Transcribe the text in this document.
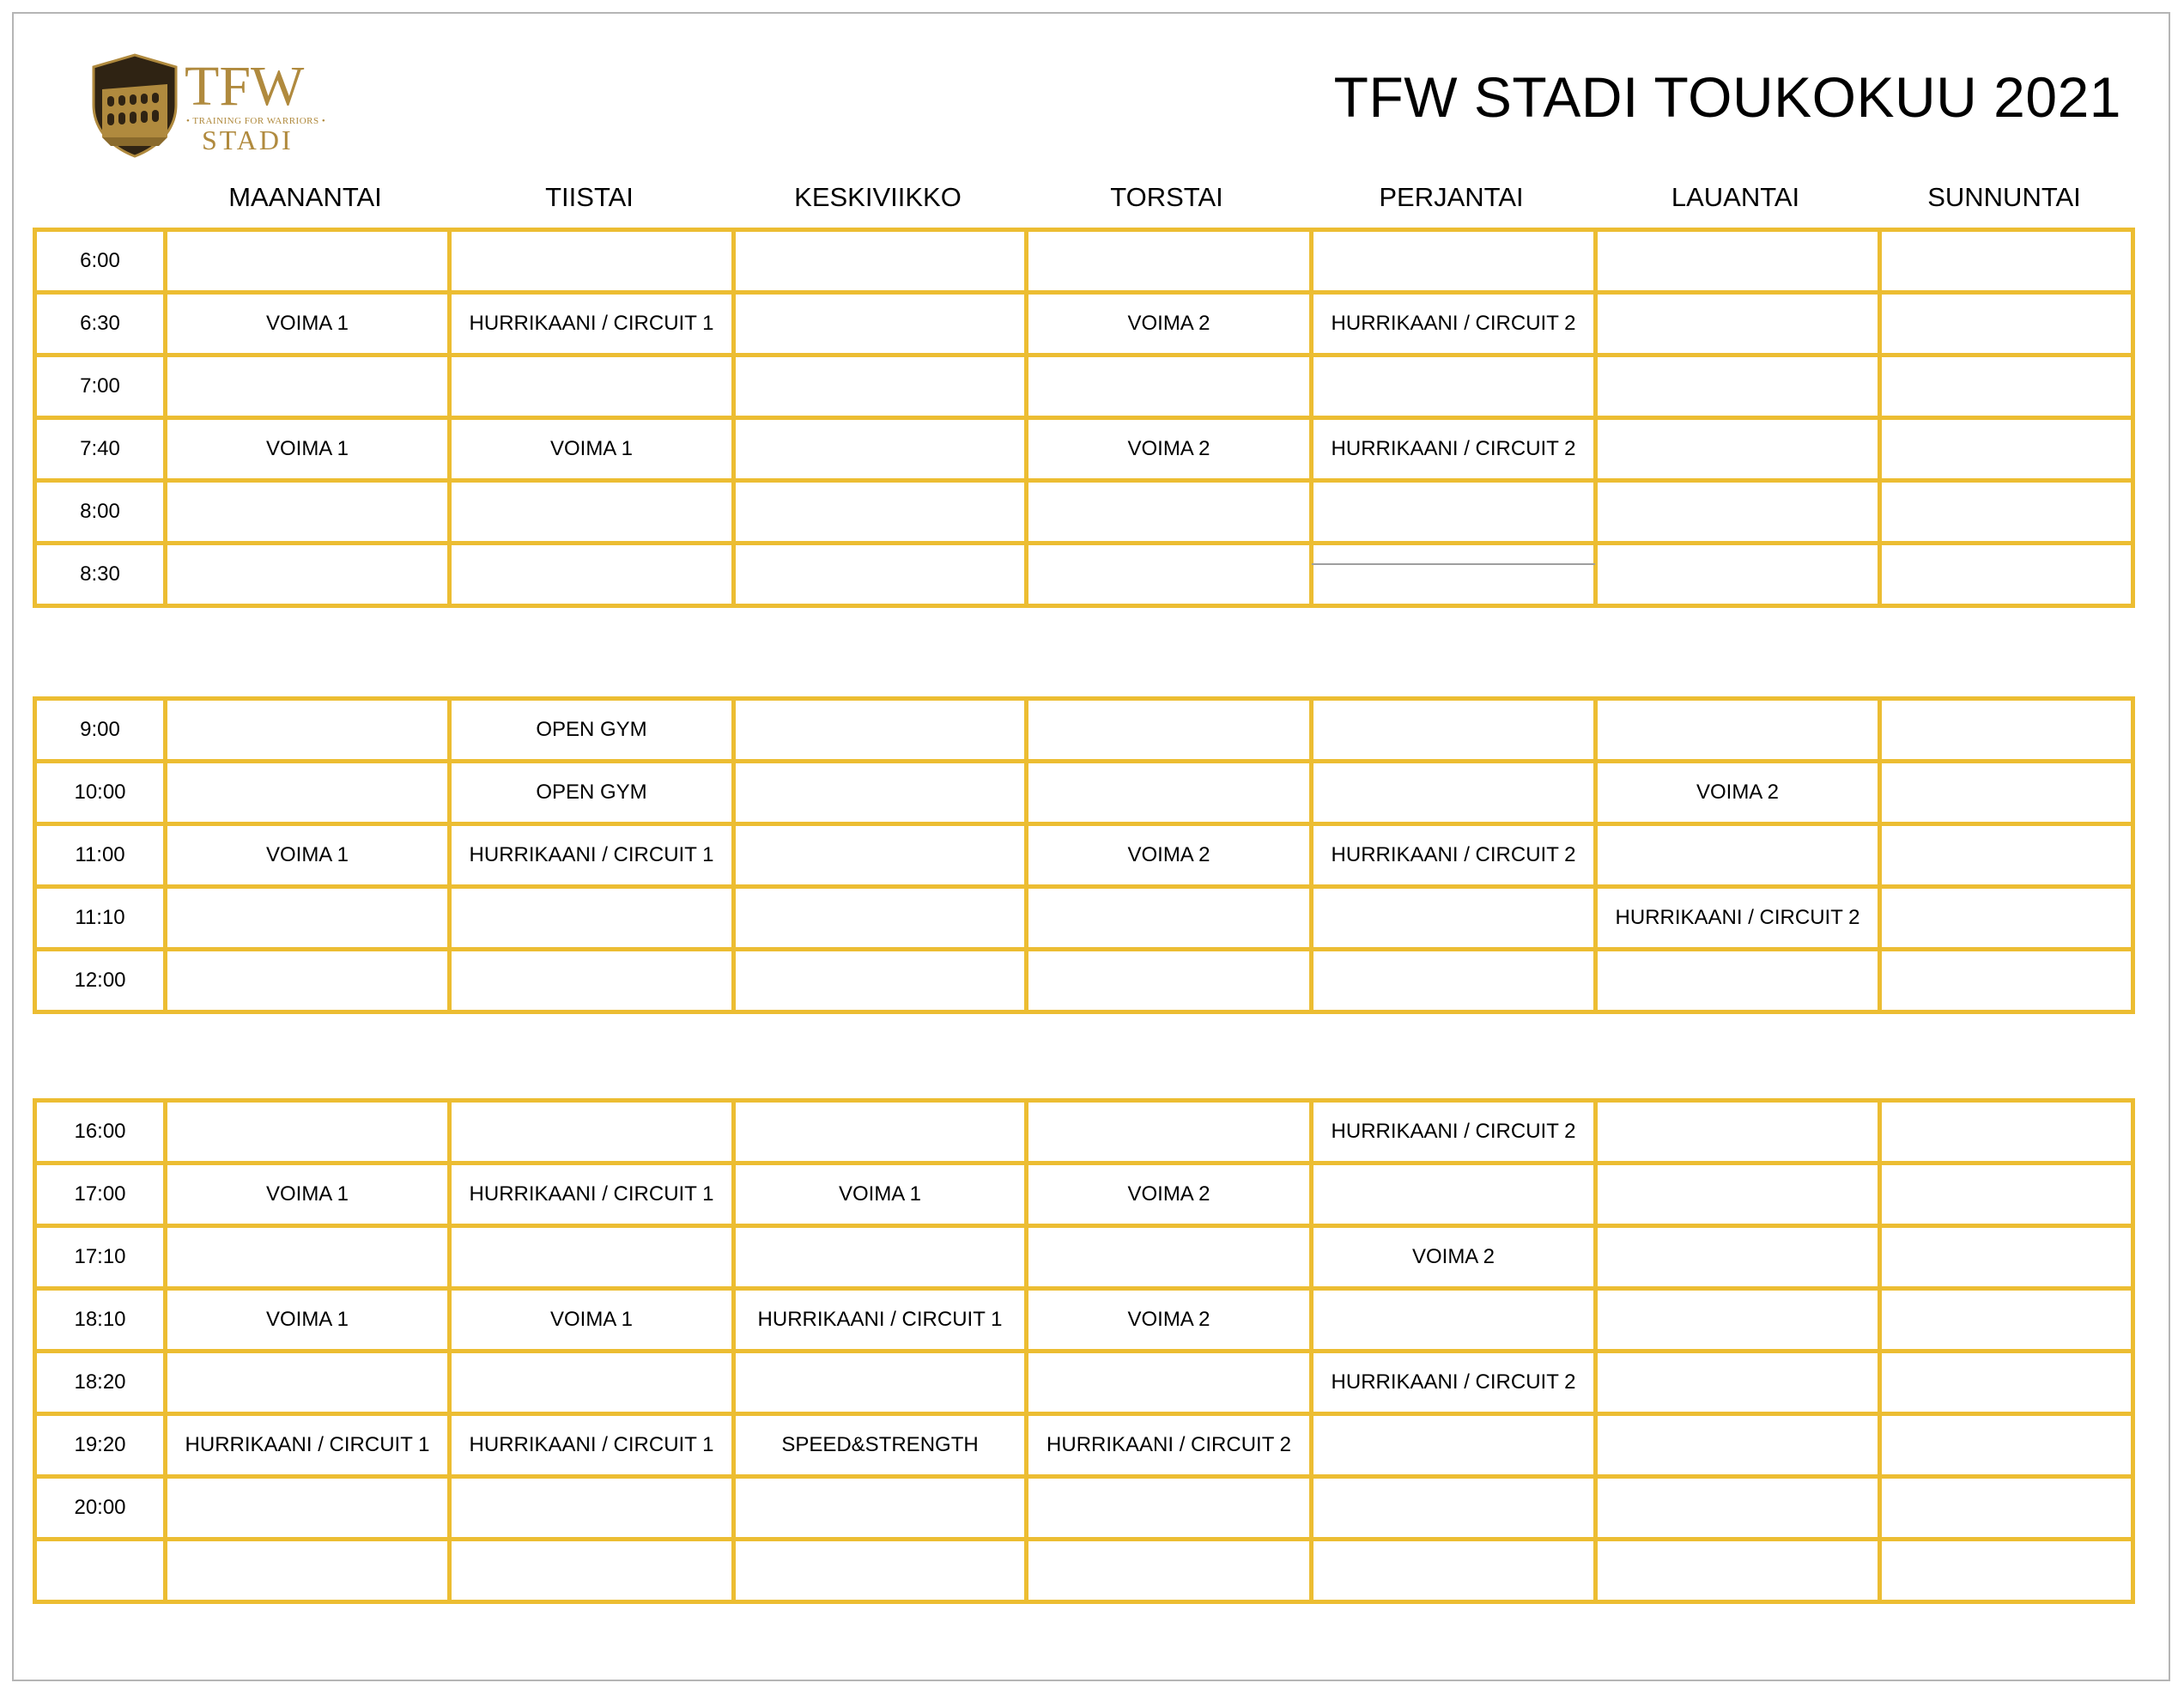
TFW
• TRAINING FOR WARRIORS •
STADI
TFW STADI TOUKOKUU 2021
MAANANTAI	TIISTAI	KESKIVIIKKO	TORSTAI	PERJANTAI	LAUANTAI	SUNNUNTAI
6:00							
6:30	VOIMA 1	HURRIKAANI / CIRCUIT 1		VOIMA 2	HURRIKAANI / CIRCUIT 2		
7:00							
7:40	VOIMA 1	VOIMA 1		VOIMA 2	HURRIKAANI / CIRCUIT 2		
8:00							
8:30							
9:00		OPEN GYM					
10:00		OPEN GYM				VOIMA 2	
11:00	VOIMA 1	HURRIKAANI / CIRCUIT 1		VOIMA 2	HURRIKAANI / CIRCUIT 2		
11:10						HURRIKAANI / CIRCUIT 2	
12:00							
16:00					HURRIKAANI / CIRCUIT 2		
17:00	VOIMA 1	HURRIKAANI / CIRCUIT 1	VOIMA 1	VOIMA 2			
17:10					VOIMA 2		
18:10	VOIMA 1	VOIMA 1	HURRIKAANI / CIRCUIT 1	VOIMA 2			
18:20					HURRIKAANI / CIRCUIT 2		
19:20	HURRIKAANI / CIRCUIT 1	HURRIKAANI / CIRCUIT 1	SPEED&STRENGTH	HURRIKAANI / CIRCUIT 2			
20:00							
